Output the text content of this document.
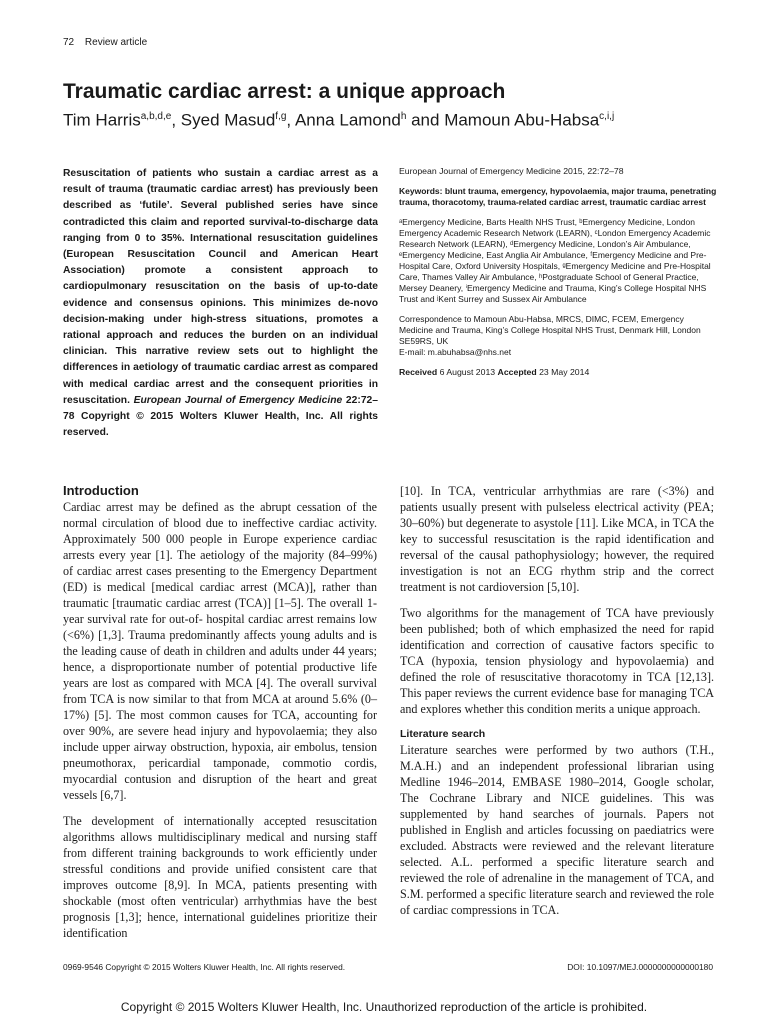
72 Review article
Traumatic cardiac arrest: a unique approach
Tim Harris$^{a,b,d,e}$, Syed Masud$^{f,g}$, Anna Lamond$^h$ and Mamoun Abu-Habsa$^{c,i,j}$

Resuscitation of patients who sustain a cardiac arrest as a result of trauma (traumatic cardiac arrest) has previously been described as ‘futile’. Several published series have since contradicted this claim and reported survival-to-discharge data ranging from 0 to 35%. International resuscitation guidelines (European Resuscitation Council and American Heart Association) promote a consistent approach to cardiopulmonary resuscitation on the basis of up-to-date evidence and consensus opinions. This minimizes de-novo decision-making under high-stress situations, promotes a rational approach and reduces the burden on an individual clinician. This narrative review sets out to highlight the differences in aetiology of traumatic cardiac arrest as compared with medical cardiac arrest and the consequent priorities in resuscitation. European Journal of Emergency Medicine 22:72–78 Copyright © 2015 Wolters Kluwer Health, Inc. All rights reserved.

European Journal of Emergency Medicine 2015, 22:72–78

Keywords: blunt trauma, emergency, hypovolaemia, major trauma, penetrating trauma, thoracotomy, trauma-related cardiac arrest, traumatic cardiac arrest

ᵃEmergency Medicine, Barts Health NHS Trust, ᵇEmergency Medicine, London Emergency Academic Research Network (LEARN), ᶜLondon Emergency Academic Research Network (LEARN), ᵈEmergency Medicine, London’s Air Ambulance, ᵉEmergency Medicine, East Anglia Air Ambulance, ᶠEmergency Medicine and Pre-Hospital Care, Oxford University Hospitals, ᵍEmergency Medicine and Pre-Hospital Care, Thames Valley Air Ambulance, ʰPostgraduate School of General Practice, Mersey Deanery, ⁱEmergency Medicine and Trauma, King’s College Hospital NHS Trust and ʲKent Surrey and Sussex Air Ambulance

Correspondence to Mamoun Abu-Habsa, MRCS, DIMC, FCEM, Emergency Medicine and Trauma, King’s College Hospital NHS Trust, Denmark Hill, London SE59RS, UK
E-mail: m.abuhabsa@nhs.net

Received 6 August 2013 Accepted 23 May 2014

Introduction

Cardiac arrest may be defined as the abrupt cessation of the normal circulation of blood due to ineffective cardiac activity. Approximately 500 000 people in Europe experience cardiac arrests every year [1]. The aetiology of the majority (84–99%) of cardiac arrest cases presenting to the Emergency Department (ED) is medical [medical cardiac arrest (MCA)], rather than traumatic [traumatic cardiac arrest (TCA)] [1–5]. The overall 1-year survival rate for out-of- hospital cardiac arrest remains low (<6%) [1,3]. Trauma predominantly affects young adults and is the leading cause of death in children and adults under 44 years; hence, a disproportionate number of potential productive life years are lost as compared with MCA [4]. The overall survival from TCA is now similar to that from MCA at around 5.6% (0–17%) [5]. The most common causes for TCA, accounting for over 90%, are severe head injury and hypovolaemia; they also include upper airway obstruction, hypoxia, air embolus, tension pneumothorax, pericardial tamponade, commotio cordis, myocardial contusion and disruption of the heart and great vessels [6,7].

The development of internationally accepted resuscitation algorithms allows multidisciplinary medical and nursing staff from different training backgrounds to work efficiently under stressful conditions and provide unified consistent care that improves outcome [8,9]. In MCA, patients presenting with shockable (most often ventricular) arrhythmias have the best prognosis [1,3]; hence, international guidelines prioritize their identification

[10]. In TCA, ventricular arrhythmias are rare (<3%) and patients usually present with pulseless electrical activity (PEA; 30–60%) but degenerate to asystole [11]. Like MCA, in TCA the key to successful resuscitation is the rapid identification and reversal of the causal pathophysiology; however, the required investigation is not an ECG rhythm strip and the correct treatment is not cardioversion [5,10].

Two algorithms for the management of TCA have previously been published; both of which emphasized the need for rapid identification and correction of causative factors specific to TCA (hypoxia, tension physiology and hypovolaemia) and defined the role of resuscitative thoracotomy in TCA [12,13]. This paper reviews the current evidence base for managing TCA and explores whether this condition merits a unique approach.

Literature search

Literature searches were performed by two authors (T.H., M.A.H.) and an independent professional librarian using Medline 1946–2014, EMBASE 1980–2014, Google scholar, The Cochrane Library and NICE guidelines. This was supplemented by hand searches of journals. Papers not published in English and articles focussing on paediatrics were excluded. Abstracts were reviewed and the relevant literature selected. A.L. performed a specific literature search and reviewed the role of adrenaline in the management of TCA, and S.M. performed a specific literature search and reviewed the role of cardiac compressions in TCA.

0969-9546 Copyright © 2015 Wolters Kluwer Health, Inc. All rights reserved.	DOI: 10.1097/MEJ.0000000000000180
Copyright © 2015 Wolters Kluwer Health, Inc. Unauthorized reproduction of the article is prohibited.
